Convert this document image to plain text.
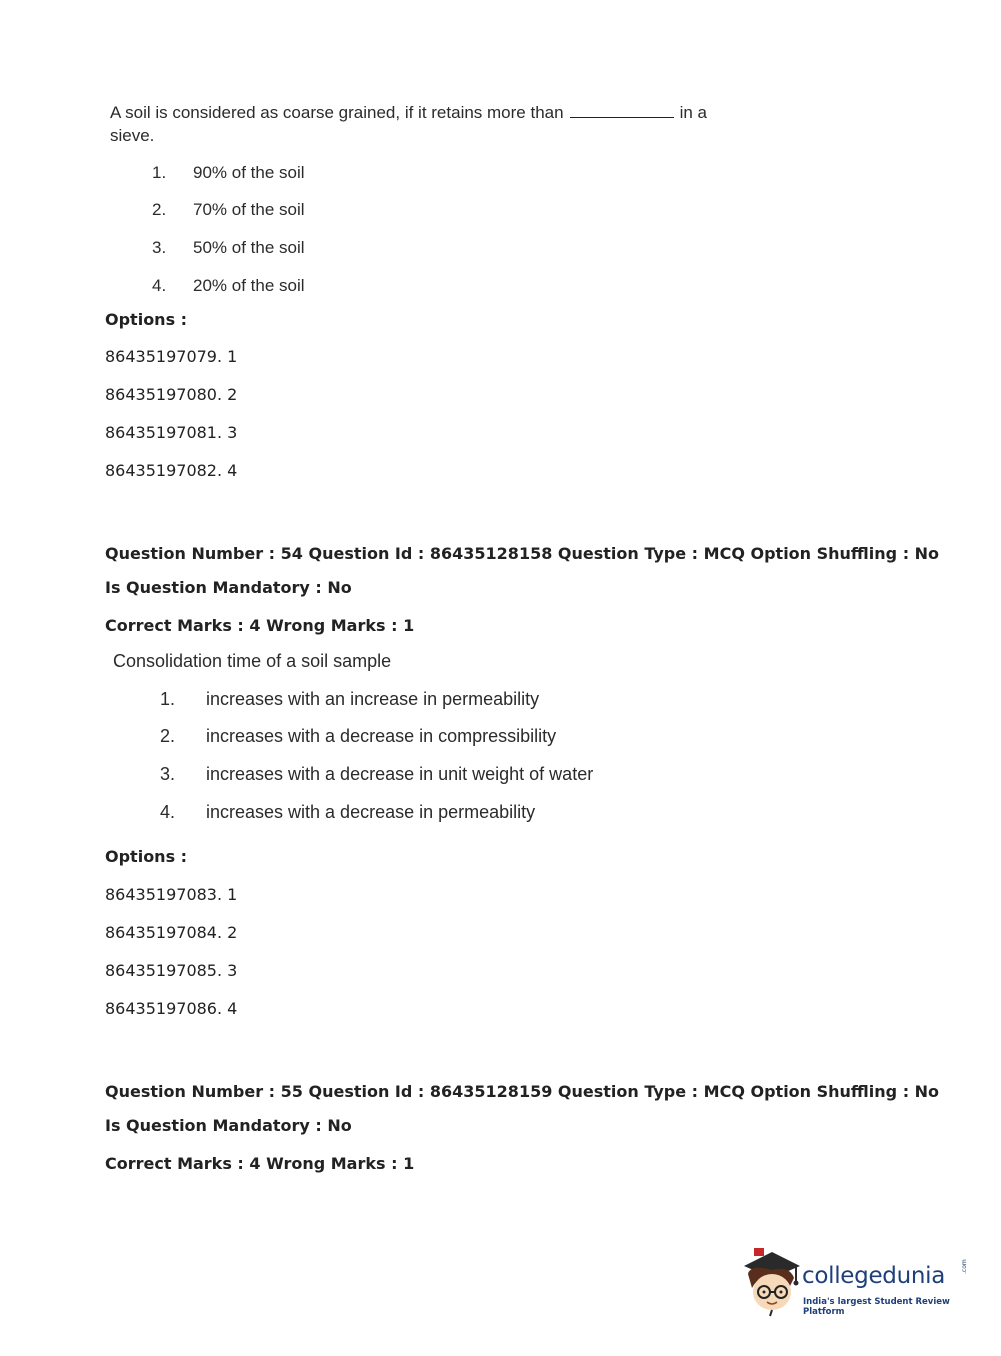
A soil is considered as coarse grained, if it retains more than	in a
sieve.
1. 90% of the soil
2. 70% of the soil
3. 50% of the soil
4. 20% of the soil
Options :
86435197079. 1
86435197080. 2
86435197081. 3
86435197082. 4
Question Number : 54 Question Id : 86435128158 Question Type : MCQ Option Shuffling : No
Is Question Mandatory : No
Correct Marks : 4 Wrong Marks : 1
Consolidation time of a soil sample
1. increases with an increase in permeability
2. increases with a decrease in compressibility
3. increases with a decrease in unit weight of water
4. increases with a decrease in permeability
Options :
86435197083. 1
86435197084. 2
86435197085. 3
86435197086. 4
Question Number : 55 Question Id : 86435128159 Question Type : MCQ Option Shuffling : No
Is Question Mandatory : No
Correct Marks : 4 Wrong Marks : 1
collegedunia	.com
India's largest Student Review Platform
